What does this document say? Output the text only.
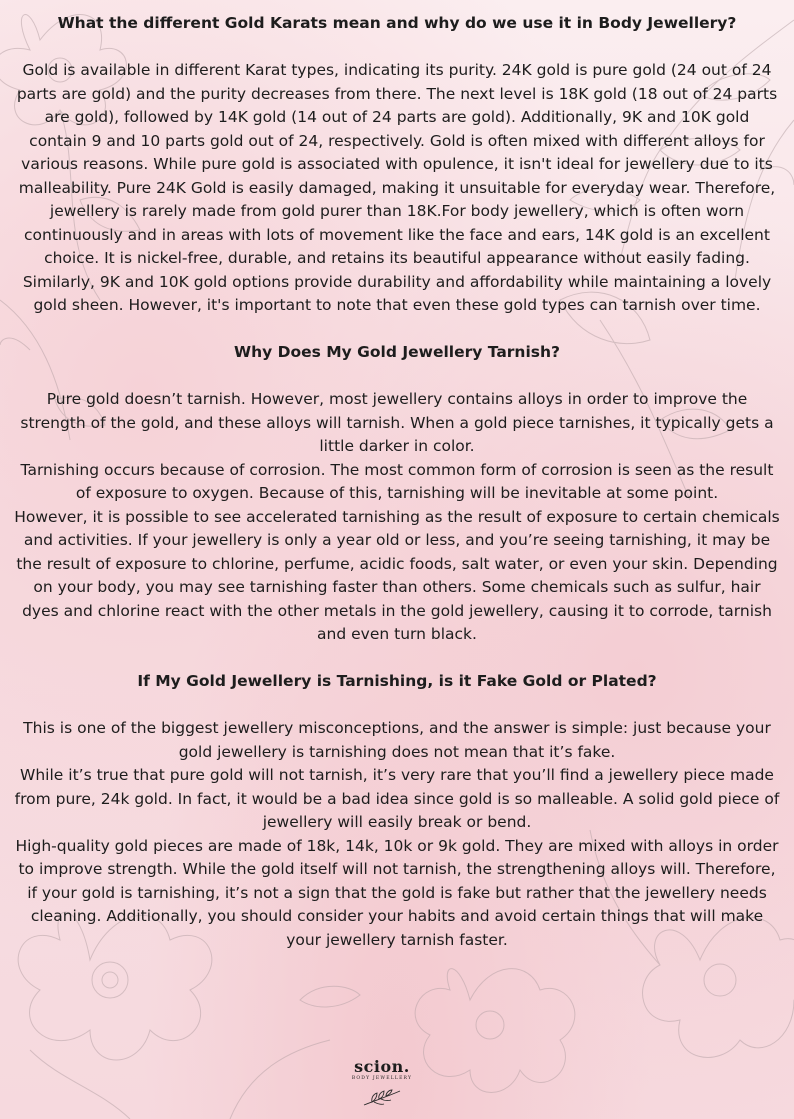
What the different Gold Karats mean and why do we use it in Body Jewellery?

Gold is available in different Karat types, indicating its purity. 24K gold is pure gold (24 out of 24 parts are gold) and the purity decreases from there. The next level is 18K gold (18 out of 24 parts are gold), followed by 14K gold (14 out of 24 parts are gold). Additionally, 9K and 10K gold contain 9 and 10 parts gold out of 24, respectively. Gold is often mixed with different alloys for various reasons. While pure gold is associated with opulence, it isn't ideal for jewellery due to its malleability. Pure 24K Gold is easily damaged, making it unsuitable for everyday wear. Therefore, jewellery is rarely made from gold purer than 18K.For body jewellery, which is often worn continuously and in areas with lots of movement like the face and ears, 14K gold is an excellent choice. It is nickel-free, durable, and retains its beautiful appearance without easily fading. Similarly, 9K and 10K gold options provide durability and affordability while maintaining a lovely gold sheen. However, it's important to note that even these gold types can tarnish over time.

Why Does My Gold Jewellery Tarnish?

Pure gold doesn’t tarnish. However, most jewellery contains alloys in order to improve the strength of the gold, and these alloys will tarnish. When a gold piece tarnishes, it typically gets a little darker in color.

Tarnishing occurs because of corrosion. The most common form of corrosion is seen as the result of exposure to oxygen. Because of this, tarnishing will be inevitable at some point.

However, it is possible to see accelerated tarnishing as the result of exposure to certain chemicals and activities. If your jewellery is only a year old or less, and you’re seeing tarnishing, it may be the result of exposure to chlorine, perfume, acidic foods, salt water, or even your skin. Depending on your body, you may see tarnishing faster than others. Some chemicals such as sulfur, hair dyes and chlorine react with the other metals in the gold jewellery, causing it to corrode, tarnish and even turn black.

If My Gold Jewellery is Tarnishing, is it Fake Gold or Plated?

This is one of the biggest jewellery misconceptions, and the answer is simple: just because your gold jewellery is tarnishing does not mean that it’s fake.

While it’s true that pure gold will not tarnish, it’s very rare that you’ll find a jewellery piece made from pure, 24k gold. In fact, it would be a bad idea since gold is so malleable. A solid gold piece of jewellery will easily break or bend.

High-quality gold pieces are made of 18k, 14k, 10k or 9k gold. They are mixed with alloys in order to improve strength. While the gold itself will not tarnish, the strengthening alloys will. Therefore, if your gold is tarnishing, it’s not a sign that the gold is fake but rather that the jewellery needs cleaning. Additionally, you should consider your habits and avoid certain things that will make your jewellery tarnish faster.

scion.
BODY JEWELLERY
